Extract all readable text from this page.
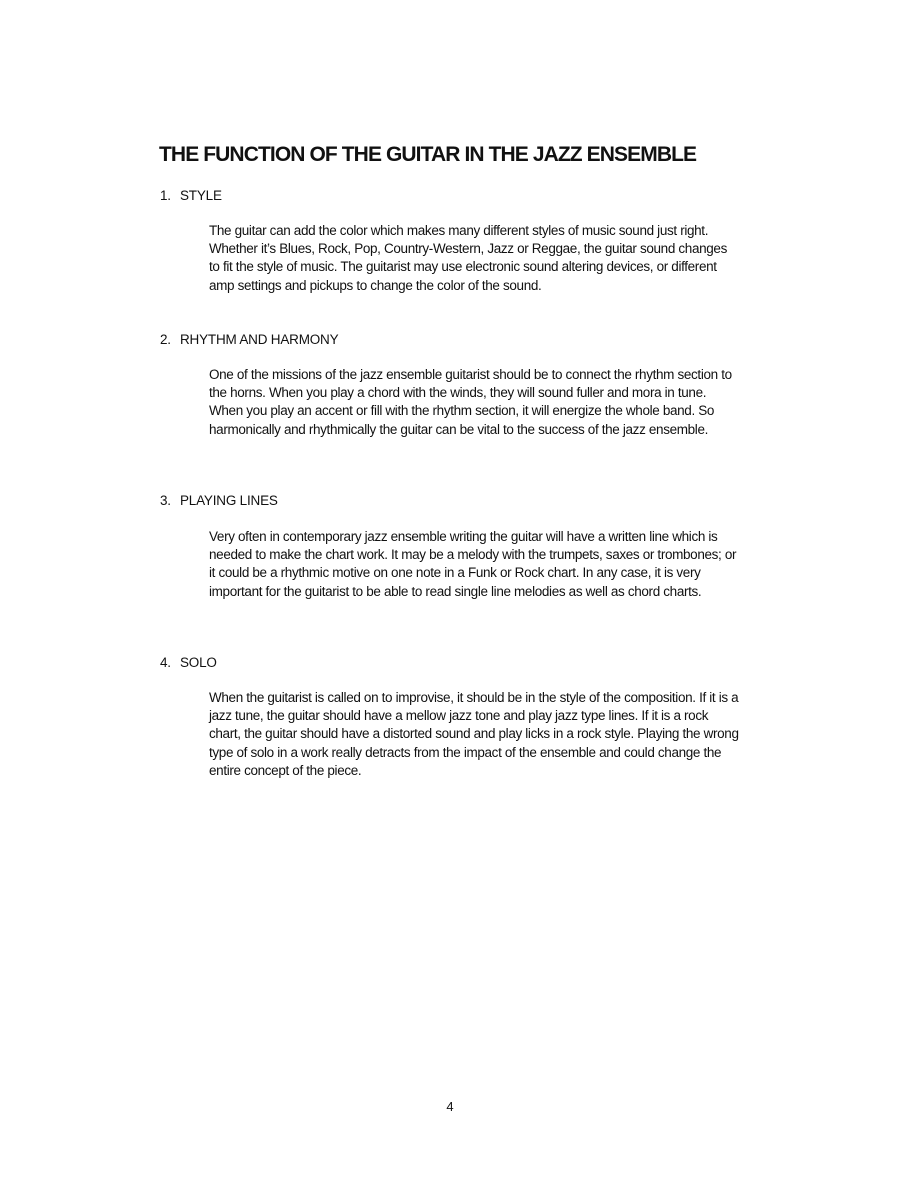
THE FUNCTION OF THE GUITAR IN THE JAZZ ENSEMBLE
1. STYLE

The guitar can add the color which makes many different styles of music sound just right. Whether it’s Blues, Rock, Pop, Country-Western, Jazz or Reggae, the guitar sound changes to fit the style of music. The guitarist may use electronic sound altering devices, or different amp settings and pickups to change the color of the sound.

2. RHYTHM AND HARMONY

One of the missions of the jazz ensemble guitarist should be to connect the rhythm section to the horns. When you play a chord with the winds, they will sound fuller and mora in tune. When you play an accent or fill with the rhythm section, it will energize the whole band. So harmonically and rhythmically the guitar can be vital to the success of the jazz ensemble.

3. PLAYING LINES

Very often in contemporary jazz ensemble writing the guitar will have a written line which is needed to make the chart work. It may be a melody with the trumpets, saxes or trombones; or it could be a rhythmic motive on one note in a Funk or Rock chart. In any case, it is very important for the guitarist to be able to read single line melodies as well as chord charts.

4. SOLO

When the guitarist is called on to improvise, it should be in the style of the composition. If it is a jazz tune, the guitar should have a mellow jazz tone and play jazz type lines. If it is a rock chart, the guitar should have a distorted sound and play licks in a rock style. Playing the wrong type of solo in a work really detracts from the impact of the ensemble and could change the entire concept of the piece.

4
